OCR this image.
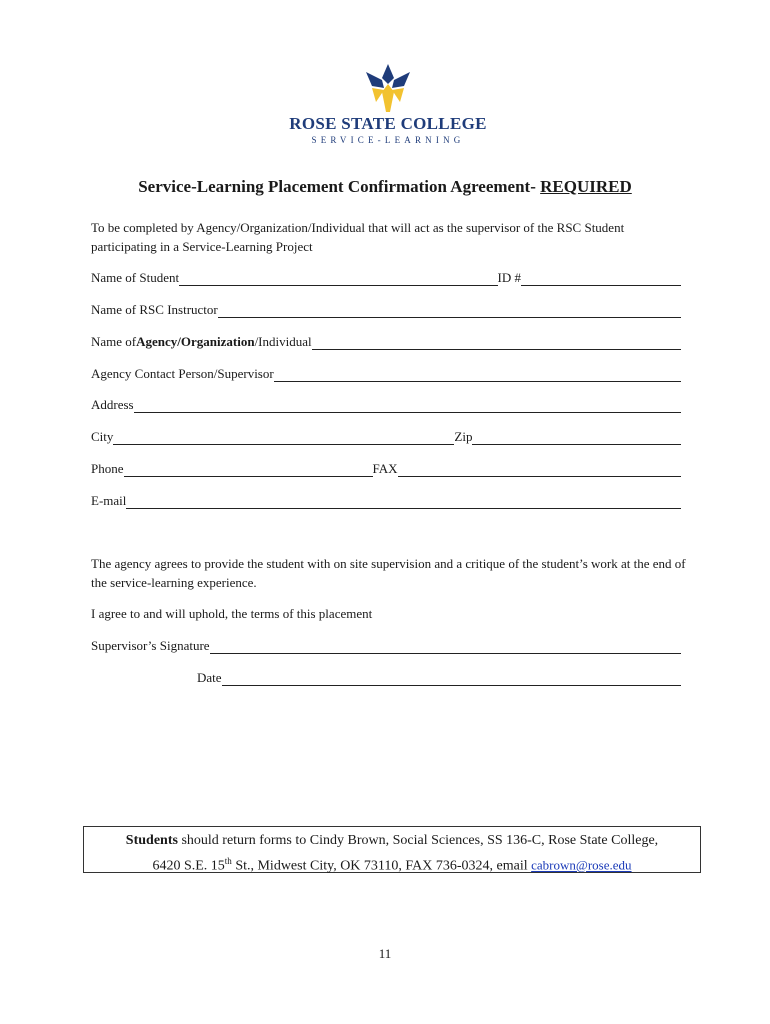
ROSE STATE COLLEGE
SERVICE-LEARNING
Service-Learning Placement Confirmation Agreement- REQUIRED
To be completed by Agency/Organization/Individual that will act as the supervisor of the RSC Student participating in a Service-Learning Project
Name of Student	ID #
Name of RSC Instructor
Name of Agency/Organization /Individual
Agency Contact Person/Supervisor
Address
City	Zip
Phone	FAX
E-mail
The agency agrees to provide the student with on site supervision and a critique of the student’s work at the end of the service-learning experience.
I agree to and will uphold, the terms of this placement
Supervisor’s Signature
Date
Students should return forms to Cindy Brown, Social Sciences, SS 136-C, Rose State College,
6420 S.E. 15th St., Midwest City, OK 73110, FAX 736-0324, email cabrown@rose.edu
11
